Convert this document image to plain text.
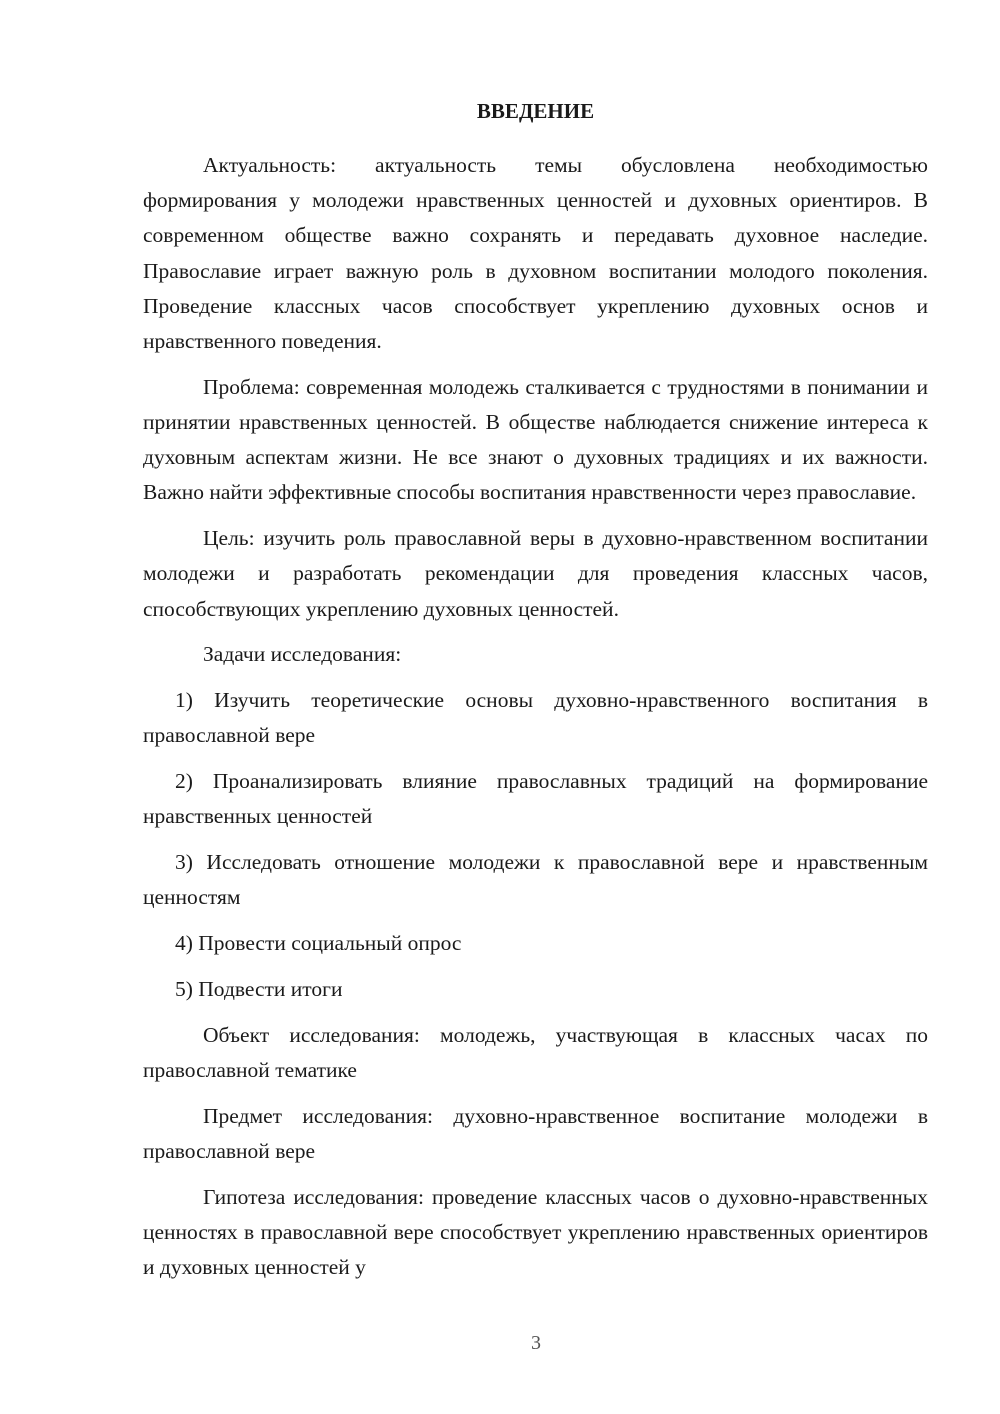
ВВЕДЕНИЕ

Актуальность: актуальность темы обусловлена необходимостью формирования у молодежи нравственных ценностей и духовных ориентиров. В современном обществе важно сохранять и передавать духовное наследие. Православие играет важную роль в духовном воспитании молодого поколения. Проведение классных часов способствует укреплению духовных основ и нравственного поведения.

Проблема: современная молодежь сталкивается с трудностями в понимании и принятии нравственных ценностей. В обществе наблюдается снижение интереса к духовным аспектам жизни. Не все знают о духовных традициях и их важности. Важно найти эффективные способы воспитания нравственности через православие.

Цель: изучить роль православной веры в духовно-нравственном воспитании молодежи и разработать рекомендации для проведения классных часов, способствующих укреплению духовных ценностей.

Задачи исследования:

1) Изучить теоретические основы духовно-нравственного воспитания в православной вере

2) Проанализировать влияние православных традиций на формирование нравственных ценностей

3) Исследовать отношение молодежи к православной вере и нравственным ценностям

4) Провести социальный опрос

5) Подвести итоги

Объект исследования: молодежь, участвующая в классных часах по православной тематике

Предмет исследования: духовно-нравственное воспитание молодежи в православной вере

Гипотеза исследования: проведение классных часов о духовно-нравственных ценностях в православной вере способствует укреплению нравственных ориентиров и духовных ценностей у

3
